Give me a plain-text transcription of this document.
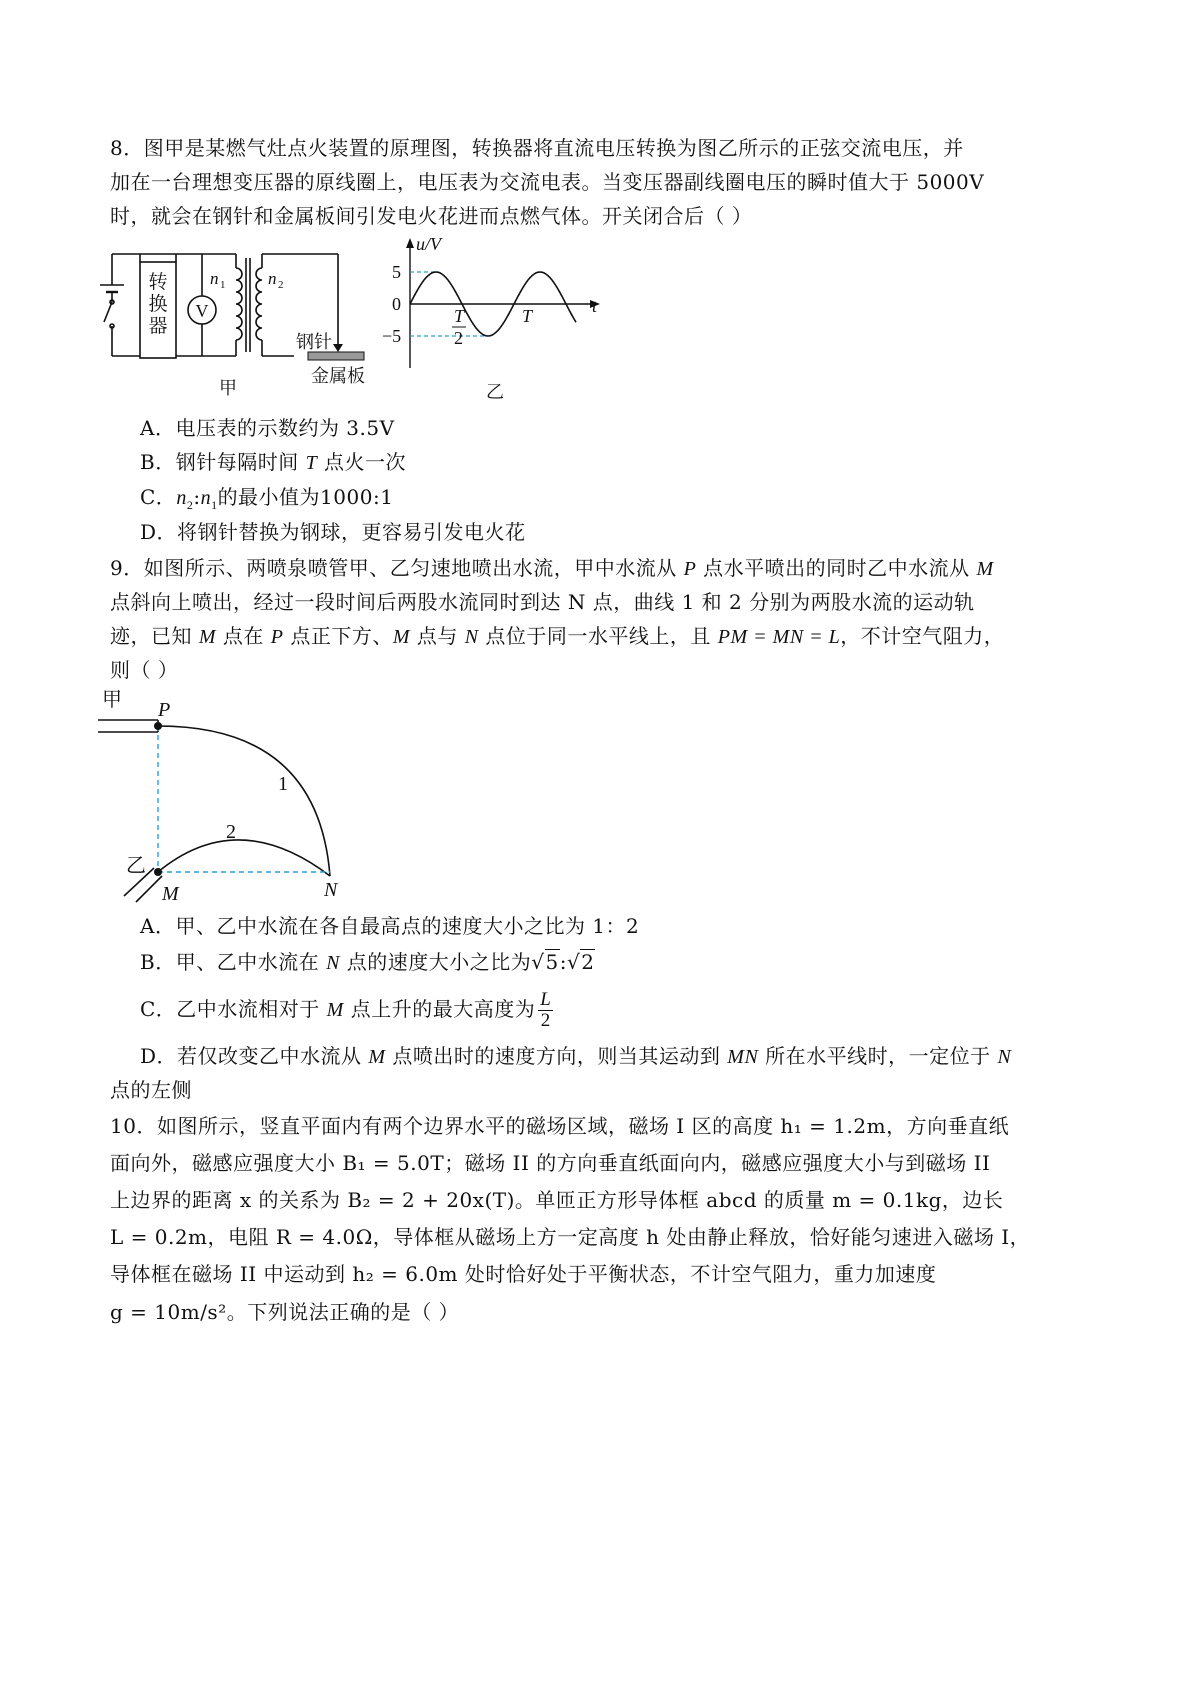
8．图甲是某燃气灶点火装置的原理图，转换器将直流电压转换为图乙所示的正弦交流电压，并
加在一台理想变压器的原线圈上，电压表为交流电表。当变压器副线圈电压的瞬时值大于 5000V
时，就会在钢针和金属板间引发电火花进而点燃气体。开关闭合后（ ）
转
换
器
V
n 1	n 2
钢针
金属板
甲
u/V
t
5
0
−5
T
2
T
乙
A．电压表的示数约为 3.5V
B．钢针每隔时间 T 点火一次
C．$n_2:n_1$的最小值为1000:1
D．将钢针替换为钢球，更容易引发电火花
9．如图所示、两喷泉喷管甲、乙匀速地喷出水流，甲中水流从 P 点水平喷出的同时乙中水流从 M
点斜向上喷出，经过一段时间后两股水流同时到达 N 点，曲线 1 和 2 分别为两股水流的运动轨
迹，已知 M 点在 P 点正下方、M 点与 N 点位于同一水平线上，且 PM = MN = L，不计空气阻力，
则（ ）
甲
乙
P
M	N
1
2
A．甲、乙中水流在各自最高点的速度大小之比为 1：2
B．甲、乙中水流在 N 点的速度大小之比为√5:√2
C．乙中水流相对于 M 点上升的最大高度为 $\frac{L}{2}$
D．若仅改变乙中水流从 M 点喷出时的速度方向，则当其运动到 MN 所在水平线时，一定位于 N
点的左侧
10．如图所示，竖直平面内有两个边界水平的磁场区域，磁场 I 区的高度 h₁ = 1.2m，方向垂直纸
面向外，磁感应强度大小 B₁ = 5.0T；磁场 II 的方向垂直纸面向内，磁感应强度大小与到磁场 II
上边界的距离 x 的关系为 B₂ = 2 + 20x(T)。单匝正方形导体框 abcd 的质量 m = 0.1kg，边长
L = 0.2m，电阻 R = 4.0Ω，导体框从磁场上方一定高度 h 处由静止释放，恰好能匀速进入磁场 I，
导体框在磁场 II 中运动到 h₂ = 6.0m 处时恰好处于平衡状态，不计空气阻力，重力加速度
g = 10m/s²。下列说法正确的是（ ）
